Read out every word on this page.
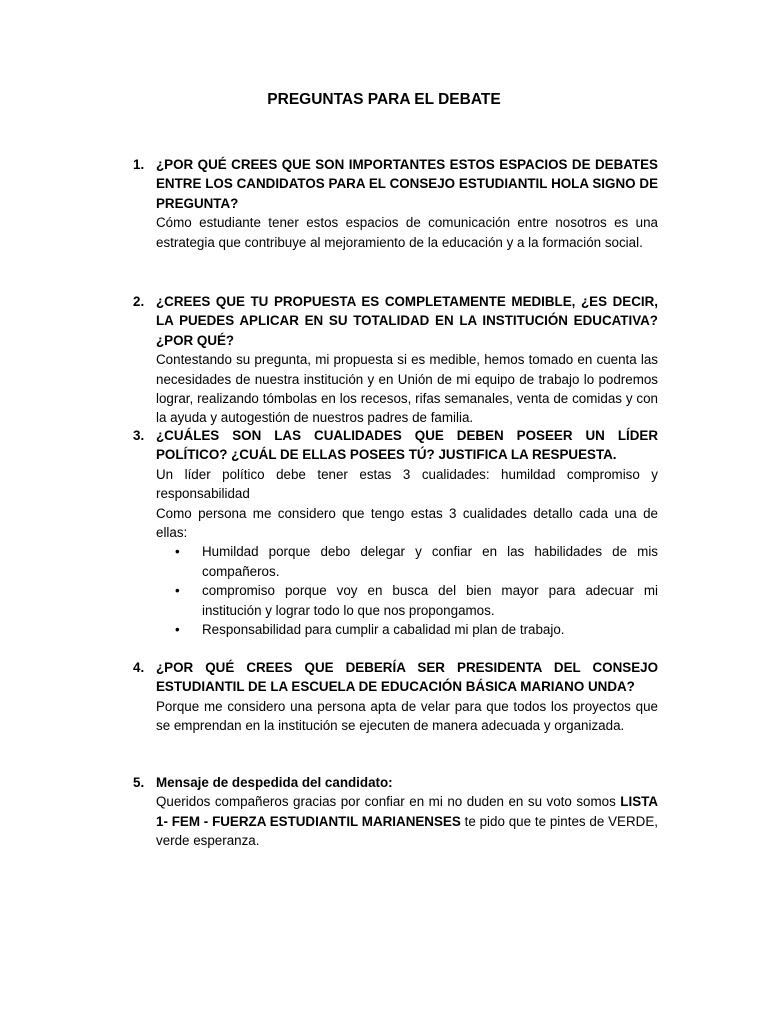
PREGUNTAS PARA EL DEBATE
1. ¿POR QUÉ CREES QUE SON IMPORTANTES ESTOS ESPACIOS DE DEBATES ENTRE LOS CANDIDATOS PARA EL CONSEJO ESTUDIANTIL HOLA SIGNO DE PREGUNTA?
Cómo estudiante tener estos espacios de comunicación entre nosotros es una estrategia que contribuye al mejoramiento de la educación y a la formación social.
2. ¿CREES QUE TU PROPUESTA ES COMPLETAMENTE MEDIBLE, ¿ES DECIR, LA PUEDES APLICAR EN SU TOTALIDAD EN LA INSTITUCIÓN EDUCATIVA? ¿POR QUÉ?
Contestando su pregunta, mi propuesta si es medible, hemos tomado en cuenta las necesidades de nuestra institución y en Unión de mi equipo de trabajo lo podremos lograr, realizando tómbolas en los recesos, rifas semanales, venta de comidas y con la ayuda y autogestión de nuestros padres de familia.
3. ¿CUÁLES SON LAS CUALIDADES QUE DEBEN POSEER UN LÍDER POLÍTICO? ¿CUÁL DE ELLAS POSEES TÚ? JUSTIFICA LA RESPUESTA.
Un líder político debe tener estas 3 cualidades: humildad compromiso y responsabilidad
Como persona me considero que tengo estas 3 cualidades detallo cada una de ellas:
• Humildad porque debo delegar y confiar en las habilidades de mis compañeros.
• compromiso porque voy en busca del bien mayor para adecuar mi institución y lograr todo lo que nos propongamos.
• Responsabilidad para cumplir a cabalidad mi plan de trabajo.
4. ¿POR QUÉ CREES QUE DEBERÍA SER PRESIDENTA DEL CONSEJO ESTUDIANTIL DE LA ESCUELA DE EDUCACIÓN BÁSICA MARIANO UNDA?
Porque me considero una persona apta de velar para que todos los proyectos que se emprendan en la institución se ejecuten de manera adecuada y organizada.
5. Mensaje de despedida del candidato:
Queridos compañeros gracias por confiar en mi no duden en su voto somos LISTA 1- FEM - FUERZA ESTUDIANTIL MARIANENSES te pido que te pintes de VERDE, verde esperanza.
